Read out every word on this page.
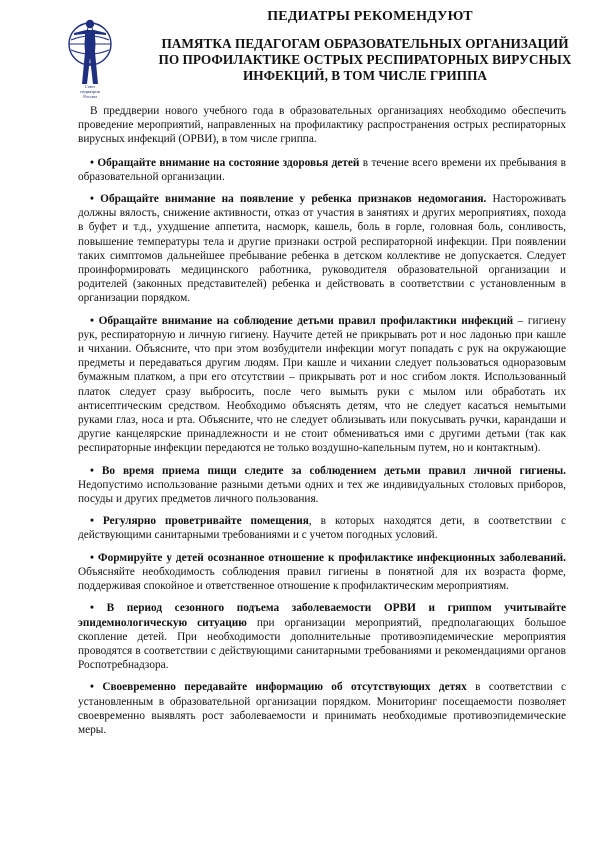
Союз
педиатров
России
ПЕДИАТРЫ РЕКОМЕНДУЮТ
ПАМЯТКА ПЕДАГОГАМ ОБРАЗОВАТЕЛЬНЫХ ОРГАНИЗАЦИЙ
ПО ПРОФИЛАКТИКЕ ОСТРЫХ РЕСПИРАТОРНЫХ ВИРУСНЫХ
ИНФЕКЦИЙ, В ТОМ ЧИСЛЕ ГРИППА

В преддверии нового учебного года в образовательных организациях необходимо обеспечить проведение мероприятий, направленных на профилактику распространения острых респираторных вирусных инфекций (ОРВИ), в том числе гриппа.

• Обращайте внимание на состояние здоровья детей в течение всего времени их пребывания в образовательной организации.

• Обращайте внимание на появление у ребенка признаков недомогания. Настороживать должны вялость, снижение активности, отказ от участия в занятиях и других мероприятиях, похода в буфет и т.д., ухудшение аппетита, насморк, кашель, боль в горле, головная боль, сонливость, повышение температуры тела и другие признаки острой респираторной инфекции. При появлении таких симптомов дальнейшее пребывание ребенка в детском коллективе не допускается. Следует проинформировать медицинского работника, руководителя образовательной организации и родителей (законных представителей) ребенка и действовать в соответствии с установленным в организации порядком.

• Обращайте внимание на соблюдение детьми правил профилактики инфекций – гигиену рук, респираторную и личную гигиену. Научите детей не прикрывать рот и нос ладонью при кашле и чихании. Объясните, что при этом возбудители инфекции могут попадать с рук на окружающие предметы и передаваться другим людям. При кашле и чихании следует пользоваться одноразовым бумажным платком, а при его отсутствии – прикрывать рот и нос сгибом локтя. Использованный платок следует сразу выбросить, после чего вымыть руки с мылом или обработать их антисептическим средством. Необходимо объяснять детям, что не следует касаться немытыми руками глаз, носа и рта. Объясните, что не следует облизывать или покусывать ручки, карандаши и другие канцелярские принадлежности и не стоит обмениваться ими с другими детьми (так как респираторные инфекции передаются не только воздушно-капельным путем, но и контактным).

• Во время приема пищи следите за соблюдением детьми правил личной гигиены. Недопустимо использование разными детьми одних и тех же индивидуальных столовых приборов, посуды и других предметов личного пользования.

• Регулярно проветривайте помещения, в которых находятся дети, в соответствии с действующими санитарными требованиями и с учетом погодных условий.

• Формируйте у детей осознанное отношение к профилактике инфекционных заболеваний. Объясняйте необходимость соблюдения правил гигиены в понятной для их возраста форме, поддерживая спокойное и ответственное отношение к профилактическим мероприятиям.

• В период сезонного подъема заболеваемости ОРВИ и гриппом учитывайте эпидемиологическую ситуацию при организации мероприятий, предполагающих большое скопление детей. При необходимости дополнительные противоэпидемические мероприятия проводятся в соответствии с действующими санитарными требованиями и рекомендациями органов Роспотребнадзора.

• Своевременно передавайте информацию об отсутствующих детях в соответствии с установленным в образовательной организации порядком. Мониторинг посещаемости позволяет своевременно выявлять рост заболеваемости и принимать необходимые противоэпидемические меры.
